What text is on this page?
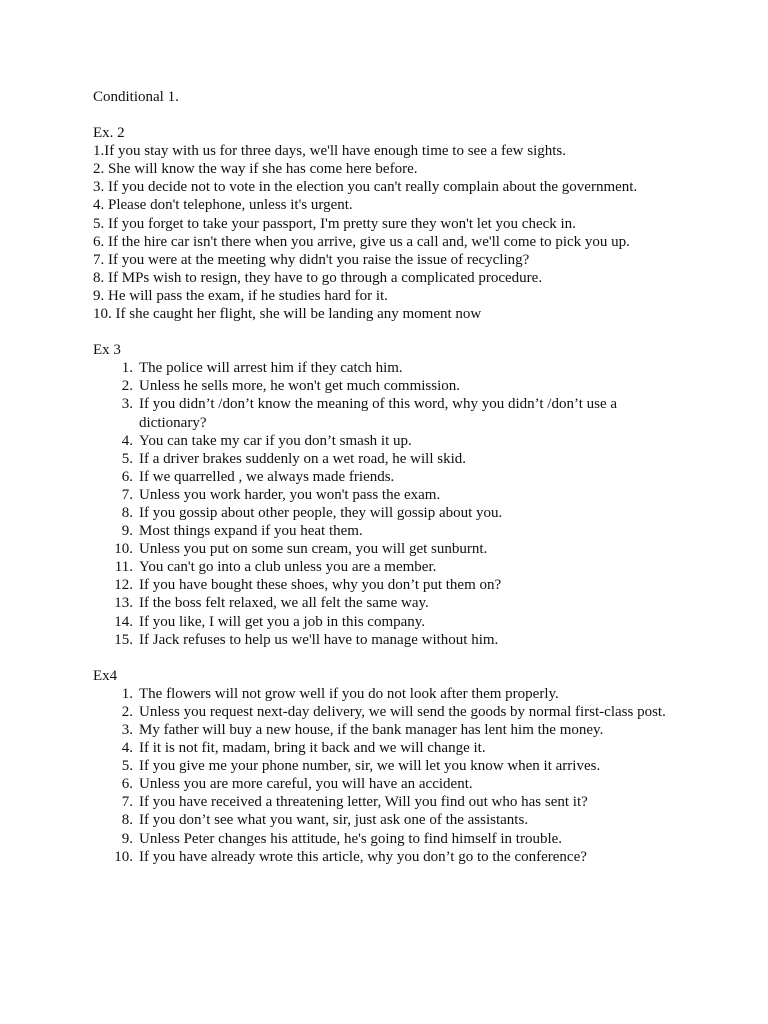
Conditional 1.
Ex. 2
1.If you stay with us for three days, we'll have enough time to see a few sights.
2. She will know the way if she has come here before.
3. If you decide not to vote in the election you can't really complain about the government.
4. Please don't telephone, unless it's urgent.
5. If you forget to take your passport, I'm pretty sure they won't let you check in.
6. If the hire car isn't there when you arrive, give us a call and, we'll come to pick you up.
7. If you were at the meeting why didn't you raise the issue of recycling?
8. If MPs wish to resign, they have to go through a complicated procedure.
9. He will pass the exam, if he studies hard for it.
10. If she caught her flight, she will be landing any moment now
Ex 3
1. The police will arrest him if they catch him.
2. Unless he sells more, he won't get much commission.
3. If you didn’t /don’t know the meaning of this word, why you didn’t /don’t use a dictionary?
4. You can take my car if you don’t smash it up.
5. If a driver brakes suddenly on a wet road, he will skid.
6. If we quarrelled , we always made friends.
7. Unless you work harder, you won't pass the exam.
8. If you gossip about other people, they will gossip about you.
9. Most things expand if you heat them.
10. Unless you put on some sun cream, you will get sunburnt.
11. You can't go into a club unless you are a member.
12. If you have bought these shoes, why you don’t put them on?
13. If the boss felt relaxed, we all felt the same way.
14. If you like, I will get you a job in this company.
15. If Jack refuses to help us we'll have to manage without him.
Ex4
1. The flowers will not grow well if you do not look after them properly.
2. Unless you request next-day delivery, we will send the goods by normal first-class post.
3. My father will buy a new house, if the bank manager has lent him the money.
4. If it is not fit, madam, bring it back and we will change it.
5. If you give me your phone number, sir, we will let you know when it arrives.
6. Unless you are more careful, you will have an accident.
7. If you have received a threatening letter, Will you find out who has sent it?
8. If you don’t see what you want, sir, just ask one of the assistants.
9. Unless Peter changes his attitude, he's going to find himself in trouble.
10. If you have already wrote this article, why you don’t go to the conference?
